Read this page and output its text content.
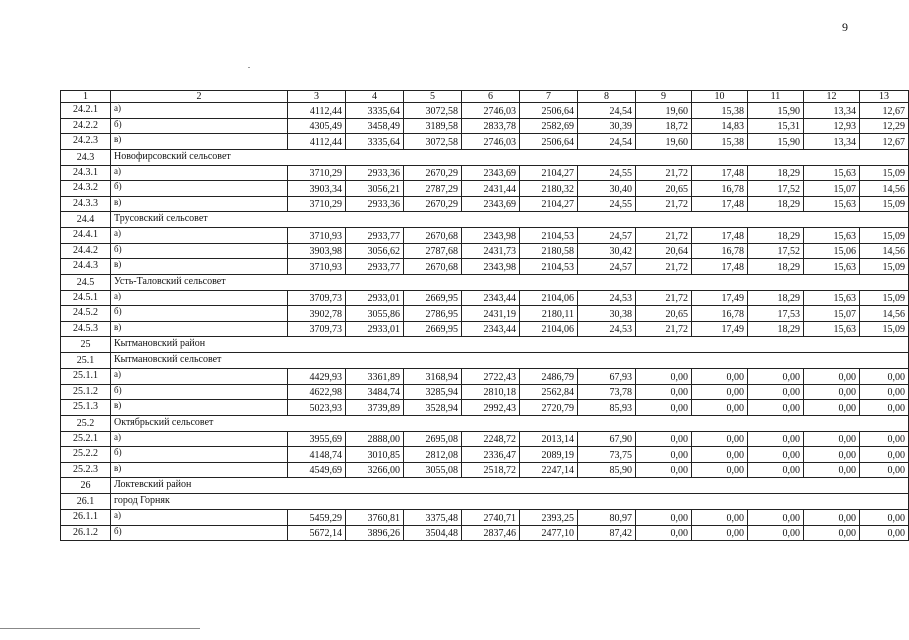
9
1	2	3	4	5	6	7	8	9	10	11	12	13
24.2.1	а)	4112,44	3335,64	3072,58	2746,03	2506,64	24,54	19,60	15,38	15,90	13,34	12,67
24.2.2	б)	4305,49	3458,49	3189,58	2833,78	2582,69	30,39	18,72	14,83	15,31	12,93	12,29
24.2.3	в)	4112,44	3335,64	3072,58	2746,03	2506,64	24,54	19,60	15,38	15,90	13,34	12,67
24.3	Новофирсовский сельсовет											
24.3.1	а)	3710,29	2933,36	2670,29	2343,69	2104,27	24,55	21,72	17,48	18,29	15,63	15,09
24.3.2	б)	3903,34	3056,21	2787,29	2431,44	2180,32	30,40	20,65	16,78	17,52	15,07	14,56
24.3.3	в)	3710,29	2933,36	2670,29	2343,69	2104,27	24,55	21,72	17,48	18,29	15,63	15,09
24.4	Трусовский сельсовет											
24.4.1	а)	3710,93	2933,77	2670,68	2343,98	2104,53	24,57	21,72	17,48	18,29	15,63	15,09
24.4.2	б)	3903,98	3056,62	2787,68	2431,73	2180,58	30,42	20,64	16,78	17,52	15,06	14,56
24.4.3	в)	3710,93	2933,77	2670,68	2343,98	2104,53	24,57	21,72	17,48	18,29	15,63	15,09
24.5	Усть-Таловский сельсовет											
24.5.1	а)	3709,73	2933,01	2669,95	2343,44	2104,06	24,53	21,72	17,49	18,29	15,63	15,09
24.5.2	б)	3902,78	3055,86	2786,95	2431,19	2180,11	30,38	20,65	16,78	17,53	15,07	14,56
24.5.3	в)	3709,73	2933,01	2669,95	2343,44	2104,06	24,53	21,72	17,49	18,29	15,63	15,09
25	Кытмановский район											
25.1	Кытмановский сельсовет											
25.1.1	а)	4429,93	3361,89	3168,94	2722,43	2486,79	67,93	0,00	0,00	0,00	0,00	0,00
25.1.2	б)	4622,98	3484,74	3285,94	2810,18	2562,84	73,78	0,00	0,00	0,00	0,00	0,00
25.1.3	в)	5023,93	3739,89	3528,94	2992,43	2720,79	85,93	0,00	0,00	0,00	0,00	0,00
25.2	Октябрьский сельсовет											
25.2.1	а)	3955,69	2888,00	2695,08	2248,72	2013,14	67,90	0,00	0,00	0,00	0,00	0,00
25.2.2	б)	4148,74	3010,85	2812,08	2336,47	2089,19	73,75	0,00	0,00	0,00	0,00	0,00
25.2.3	в)	4549,69	3266,00	3055,08	2518,72	2247,14	85,90	0,00	0,00	0,00	0,00	0,00
26	Локтевский район											
26.1	город Горняк											
26.1.1	а)	5459,29	3760,81	3375,48	2740,71	2393,25	80,97	0,00	0,00	0,00	0,00	0,00
26.1.2	б)	5672,14	3896,26	3504,48	2837,46	2477,10	87,42	0,00	0,00	0,00	0,00	0,00
